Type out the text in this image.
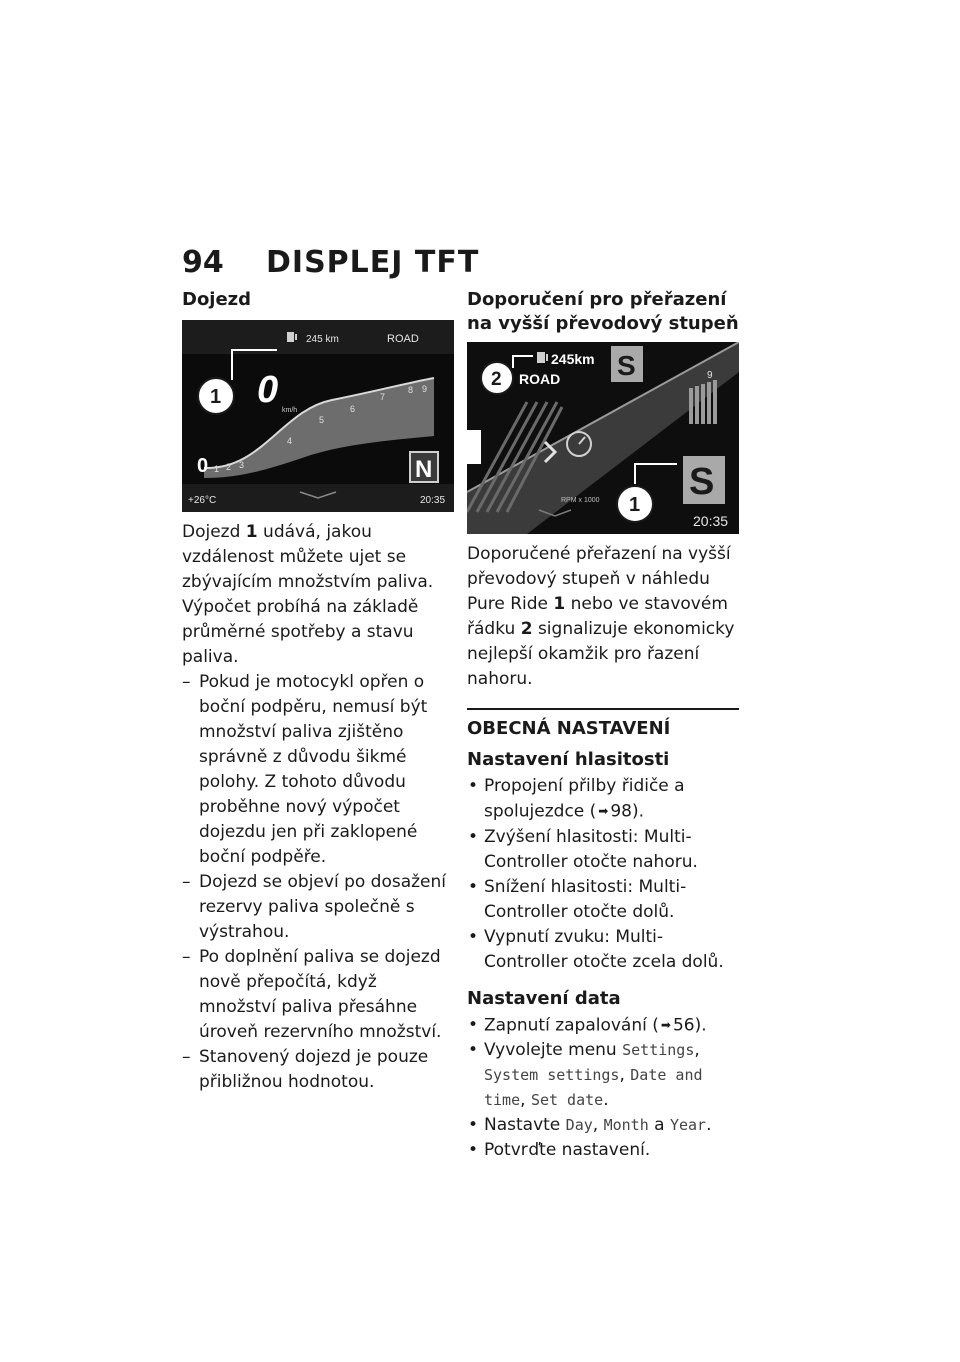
94	DISPLEJ TFT
Dojezd
245 km	ROAD
0 km/h
0 1 2 3
4
5
6
7
8 9
N
+26°C	20:35
1

Dojezd 1 udává, jakou vzdálenost můžete ujet se zbývajícím množstvím paliva. Výpočet probíhá na základě průměrné spotřeby a stavu paliva.

– Pokud je motocykl opřen o boční podpěru, nemusí být množství paliva zjištěno správně z důvodu šikmé polohy. Z tohoto důvodu proběhne nový výpočet dojezdu jen při zaklopené boční podpěře.
– Dojezd se objeví po dosažení rezervy paliva společně s výstrahou.
– Po doplnění paliva se dojezd nově přepočítá, když množství paliva přesáhne úroveň rezervního množství.
– Stanovený dojezd je pouze přibližnou hodnotou.
Doporučení pro přeřazení na vyšší převodový stupeň
245km
ROAD S	9
S
RPM x 1000
20:35
2
1

Doporučené přeřazení na vyšší převodový stupeň v náhledu Pure Ride 1 nebo ve stavovém řádku 2 signalizuje ekonomicky nejlepší okamžik pro řazení nahoru.

OBECNÁ NASTAVENÍ
Nastavení hlasitosti
• Propojení přilby řidiče a spolujezdce ( ➡ 98).
• Zvýšení hlasitosti: Multi-Controller otočte nahoru.
• Snížení hlasitosti: Multi-Controller otočte dolů.
• Vypnutí zvuku: Multi-Controller otočte zcela dolů.
Nastavení data
• Zapnutí zapalování ( ➡ 56).
• Vyvolejte menu Settings, System settings, Date and time, Set date.
• Nastavte Day, Month a Year.
• Potvrďte nastavení.
